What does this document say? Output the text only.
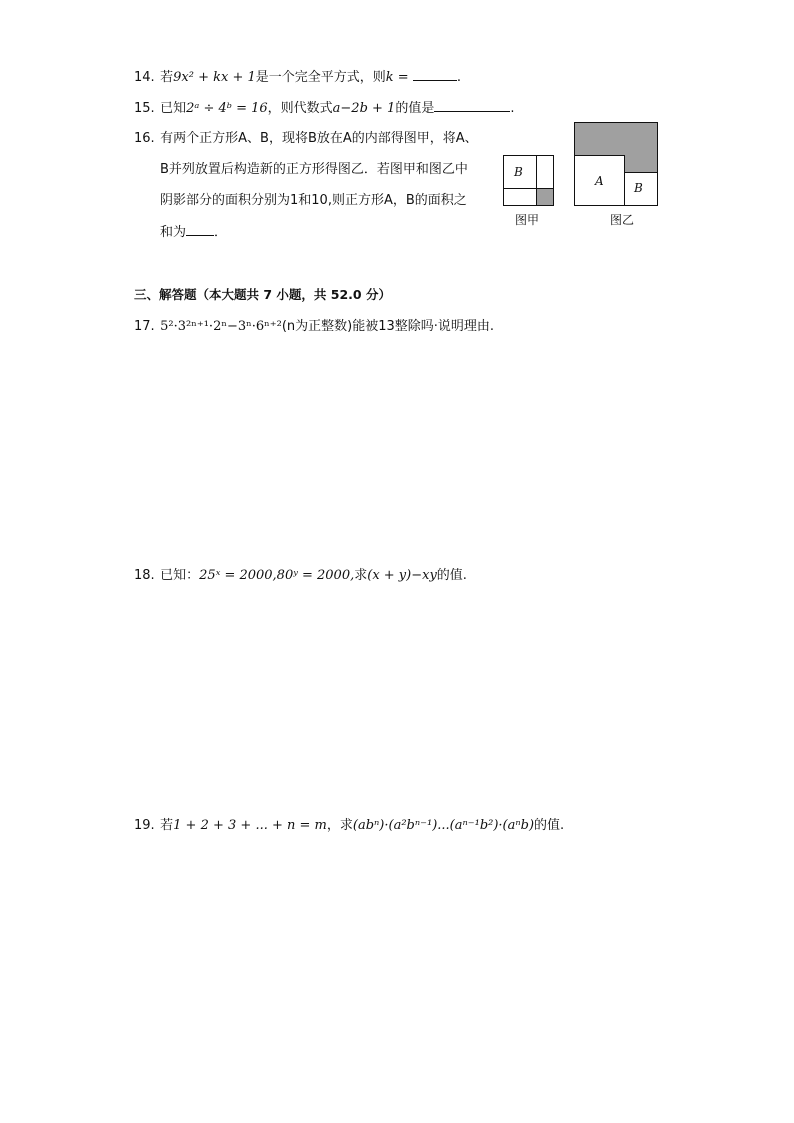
14. 若9x² + kx + 1是一个完全平方式，则k =	.
15. 已知2ᵃ ÷ 4ᵇ = 16，则代数式a−2b + 1的值是	.
16. 有两个正方形A、B，现将B放在A的内部得图甲，将A、
B并列放置后构造新的正方形得图乙．若图甲和图乙中
阴影部分的面积分别为1和10,则正方形A，B的面积之
和为 ．
B
图甲
A	B
图乙
三、解答题（本大题共 7 小题，共 52.0 分）
17. 5²·3²ⁿ⁺¹·2ⁿ−3ⁿ·6ⁿ⁺²(n为正整数)能被13整除吗·说明理由.
18. 已知：25ˣ = 2000,80ʸ = 2000,求(x + y)−xy的值.
19. 若1 + 2 + 3 + ... + n = m，求(abⁿ)·(a²bⁿ⁻¹)...(aⁿ⁻¹b²)·(aⁿb)的值.
